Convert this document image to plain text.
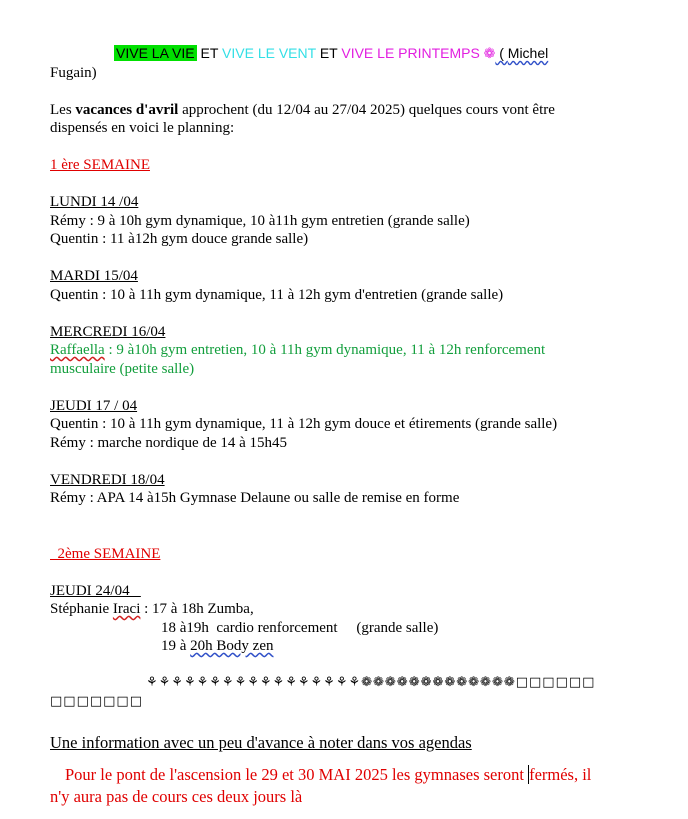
VIVE LA VIE ET VIVE LE VENT ET VIVE LE PRINTEMPS ❁ ( Michel

Fugain)

Les vacances d'avril approchent (du 12/04 au 27/04 2025) quelques cours vont être

dispensés en voici le planning:

1 ère SEMAINE

LUNDI 14 /04

Rémy : 9 à 10h gym dynamique, 10 à11h gym entretien (grande salle)

Quentin : 11 à12h gym douce grande salle)

MARDI 15/04

Quentin : 10 à 11h gym dynamique, 11 à 12h gym d'entretien (grande salle)

MERCREDI 16/04

Raffaella : 9 à10h gym entretien, 10 à 11h gym dynamique, 11 à 12h renforcement

musculaire (petite salle)

JEUDI 17 / 04

Quentin : 10 à 11h gym dynamique, 11 à 12h gym douce et étirements (grande salle)

Rémy : marche nordique de 14 à 15h45

VENDREDI 18/04

Rémy : APA 14 à15h Gymnase Delaune ou salle de remise en forme

2ème SEMAINE

JEUDI 24/04

Stéphanie Iraci : 17 à 18h Zumba,

18 à19h  cardio renforcement     (grande salle)

19 à 20h Body zen

⚘⚘⚘⚘⚘⚘⚘⚘⚘⚘⚘⚘⚘⚘⚘⚘⚘❁❁❁❁❁❁❁❁❁❁❁❁❁□□□□□□

□□□□□□□

Une information avec un peu d'avance à noter dans vos agendas

Pour le pont de l'ascension le 29 et 30 MAI 2025 les gymnases seront fermés, il

n'y aura pas de cours ces deux jours là
